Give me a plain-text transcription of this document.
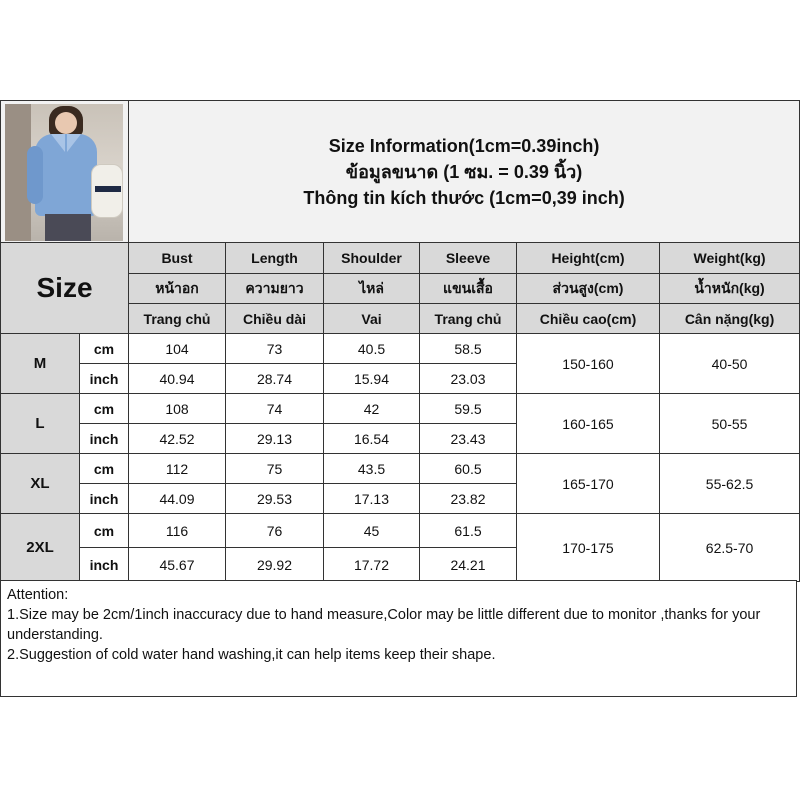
		Size Information(1cm=0.39inch)
ข้อมูลขนาด (1 ซม. = 0.39 นิ้ว)
Thông tin kích thước (1cm=0,39 inch)					

Size		Bust	Length	Shoulder	Sleeve	Height(cm)	Weight(kg)
		หน้าอก	ความยาว	ไหล่	แขนเสื้อ	ส่วนสูง(cm)	น้ำหนัก(kg)
		Trang chủ	Chiều dài	Vai	Trang chủ	Chiều cao(cm)	Cân nặng(kg)
M	cm	104	73	40.5	58.5	150-160	40-50
	inch	40.94	28.74	15.94	23.03		
L	cm	108	74	42	59.5	160-165	50-55
	inch	42.52	29.13	16.54	23.43		
XL	cm	112	75	43.5	60.5	165-170	55-62.5
	inch	44.09	29.53	17.13	23.82		
2XL	cm	116	76	45	61.5	170-175	62.5-70
	inch	45.67	29.92	17.72	24.21		
Attention:
1.Size may be 2cm/1inch inaccuracy due to hand measure,Color may be little different due to monitor ,thanks for your understanding.
2.Suggestion of cold water hand washing,it can help items keep their shape.
